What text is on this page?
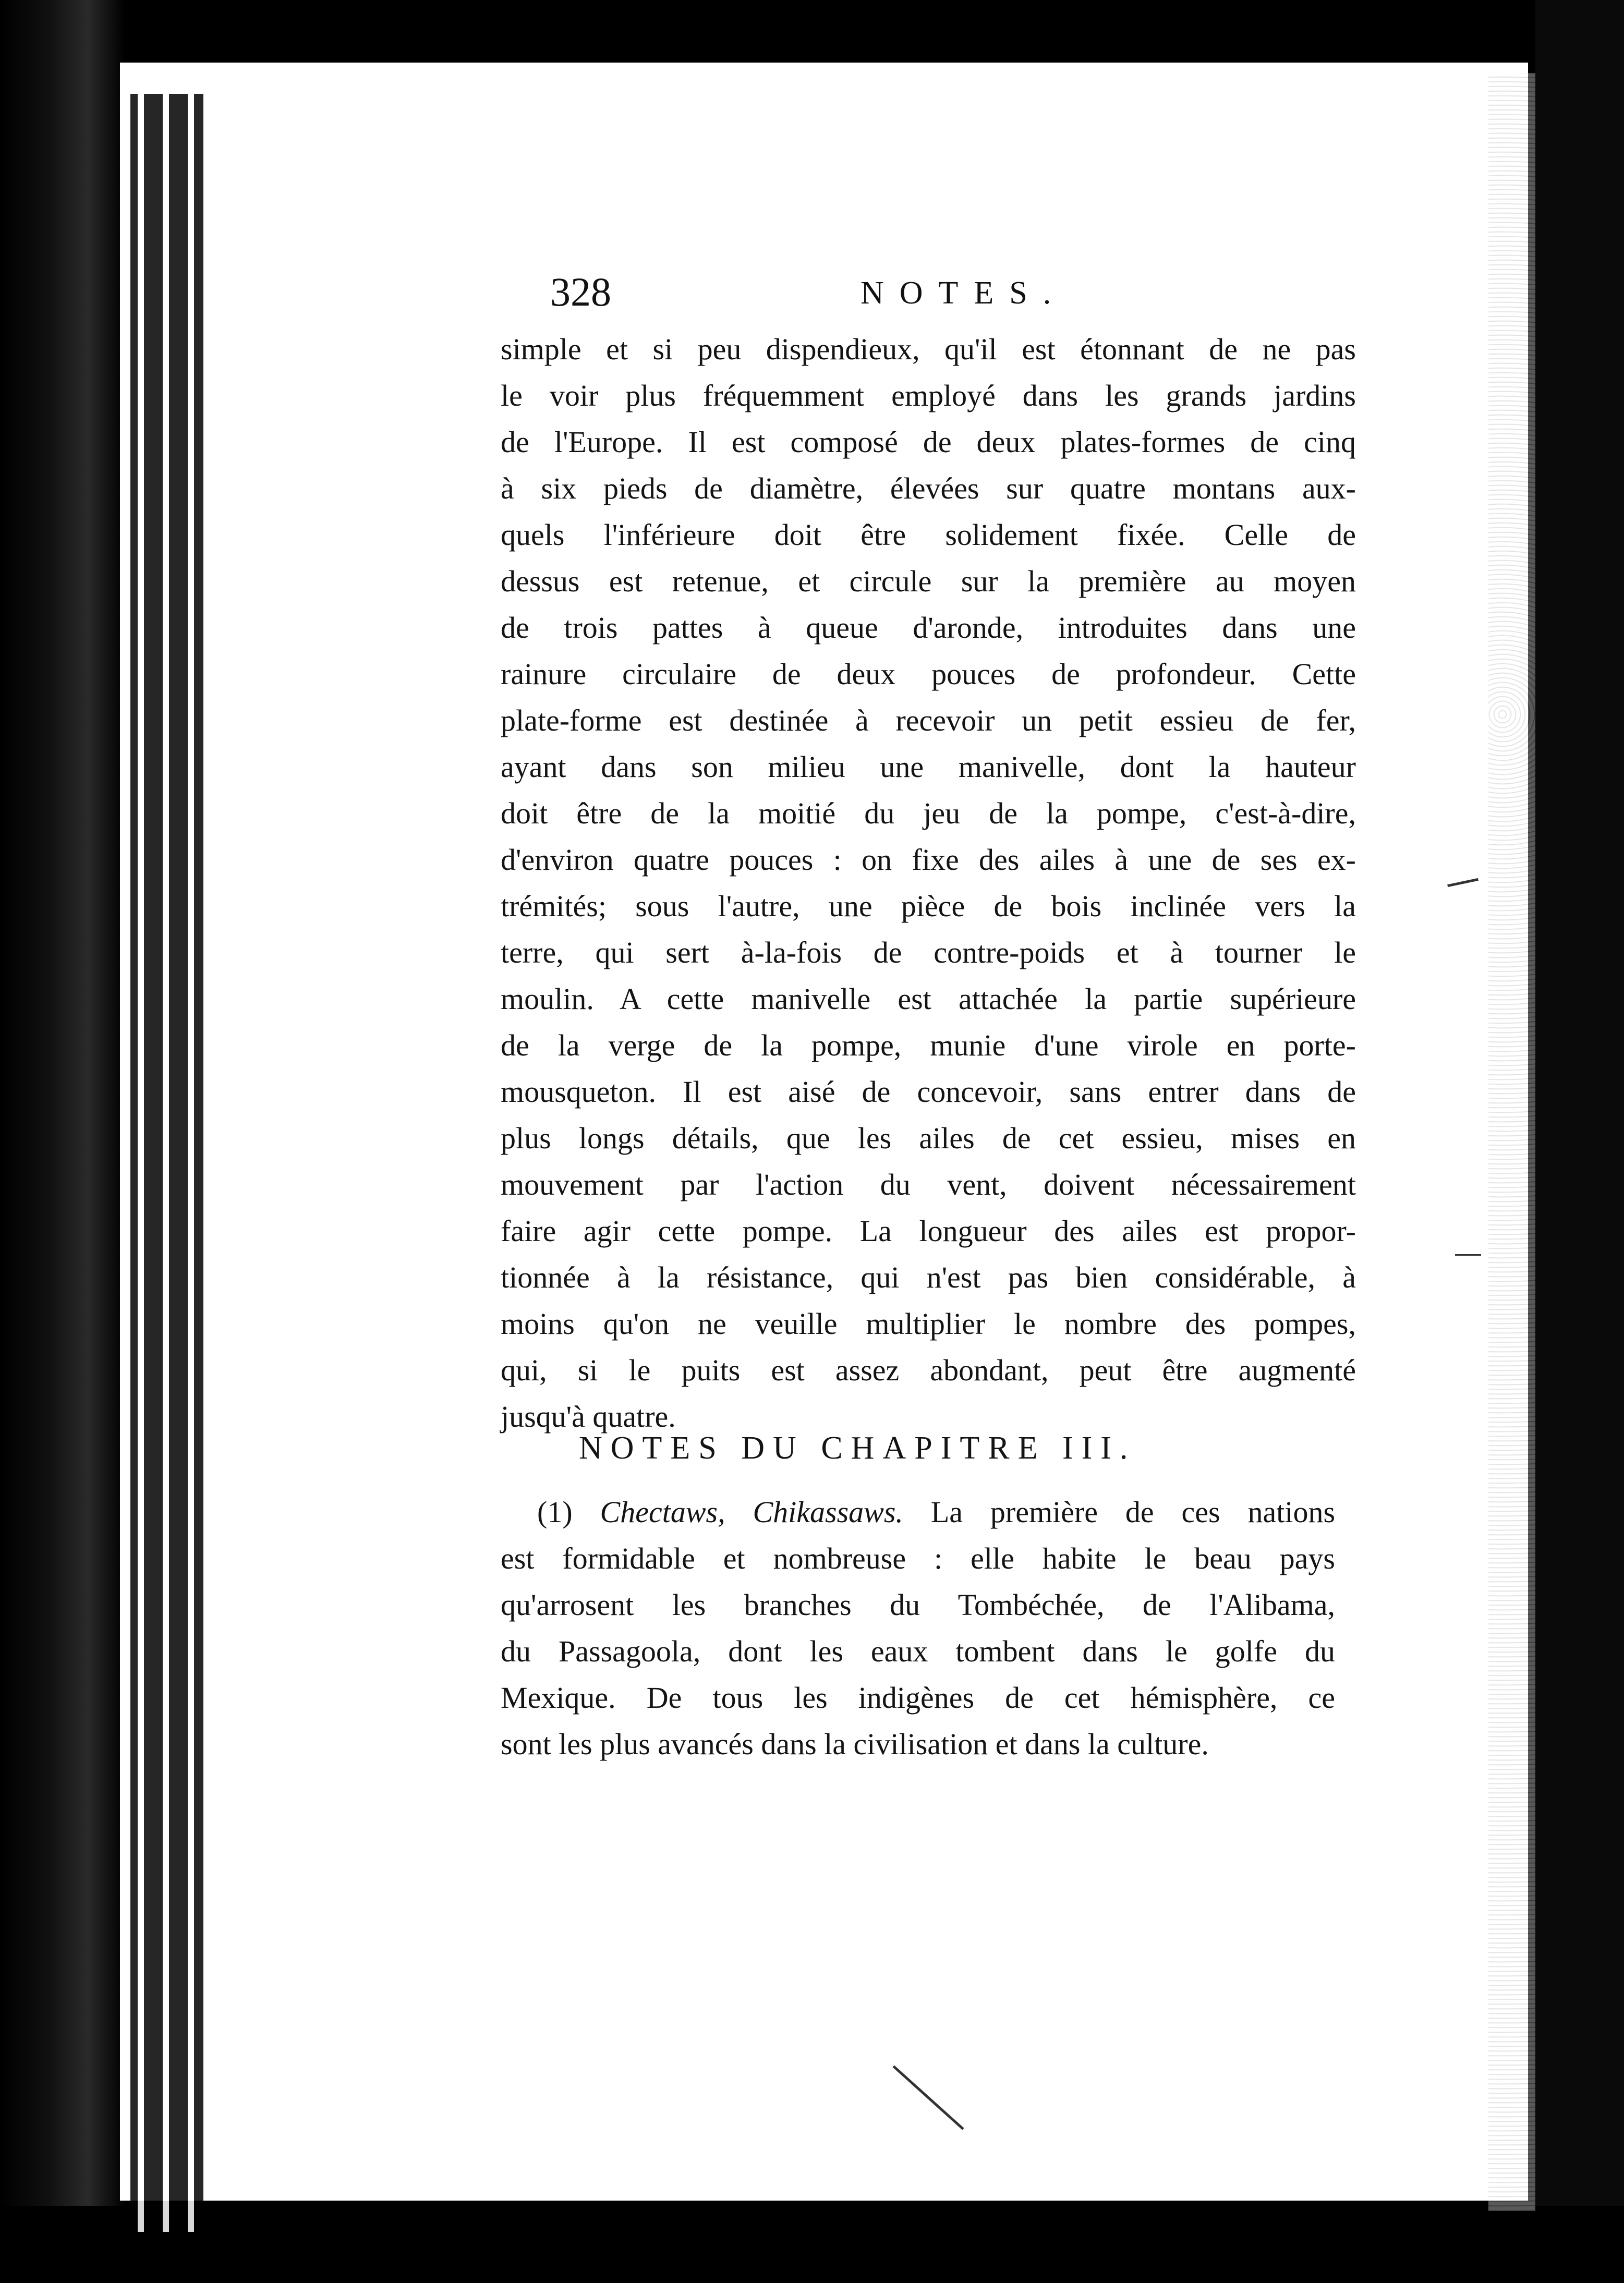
328	NOTES.
simple et si peu dispendieux, qu'il est étonnant de ne pas
le voir plus fréquemment employé dans les grands jardins
de l'Europe. Il est composé de deux plates-formes de cinq
à six pieds de diamètre, élevées sur quatre montans aux-
quels l'inférieure doit être solidement fixée. Celle de
dessus est retenue, et circule sur la première au moyen
de trois pattes à queue d'aronde, introduites dans une
rainure circulaire de deux pouces de profondeur. Cette
plate-forme est destinée à recevoir un petit essieu de fer,
ayant dans son milieu une manivelle, dont la hauteur
doit être de la moitié du jeu de la pompe, c'est-à-dire,
d'environ quatre pouces : on fixe des ailes à une de ses ex-
trémités; sous l'autre, une pièce de bois inclinée vers la
terre, qui sert à-la-fois de contre-poids et à tourner le
moulin. A cette manivelle est attachée la partie supérieure
de la verge de la pompe, munie d'une virole en porte-
mousqueton. Il est aisé de concevoir, sans entrer dans de
plus longs détails, que les ailes de cet essieu, mises en
mouvement par l'action du vent, doivent nécessairement
faire agir cette pompe. La longueur des ailes est propor-
tionnée à la résistance, qui n'est pas bien considérable, à
moins qu'on ne veuille multiplier le nombre des pompes,
qui, si le puits est assez abondant, peut être augmenté
jusqu'à quatre.
NOTES DU CHAPITRE III.
(1) Chectaws, Chikassaws. La première de ces nations
est formidable et nombreuse : elle habite le beau pays
qu'arrosent les branches du Tombéchée, de l'Alibama,
du Passagoola, dont les eaux tombent dans le golfe du
Mexique. De tous les indigènes de cet hémisphère, ce
sont les plus avancés dans la civilisation et dans la culture.
